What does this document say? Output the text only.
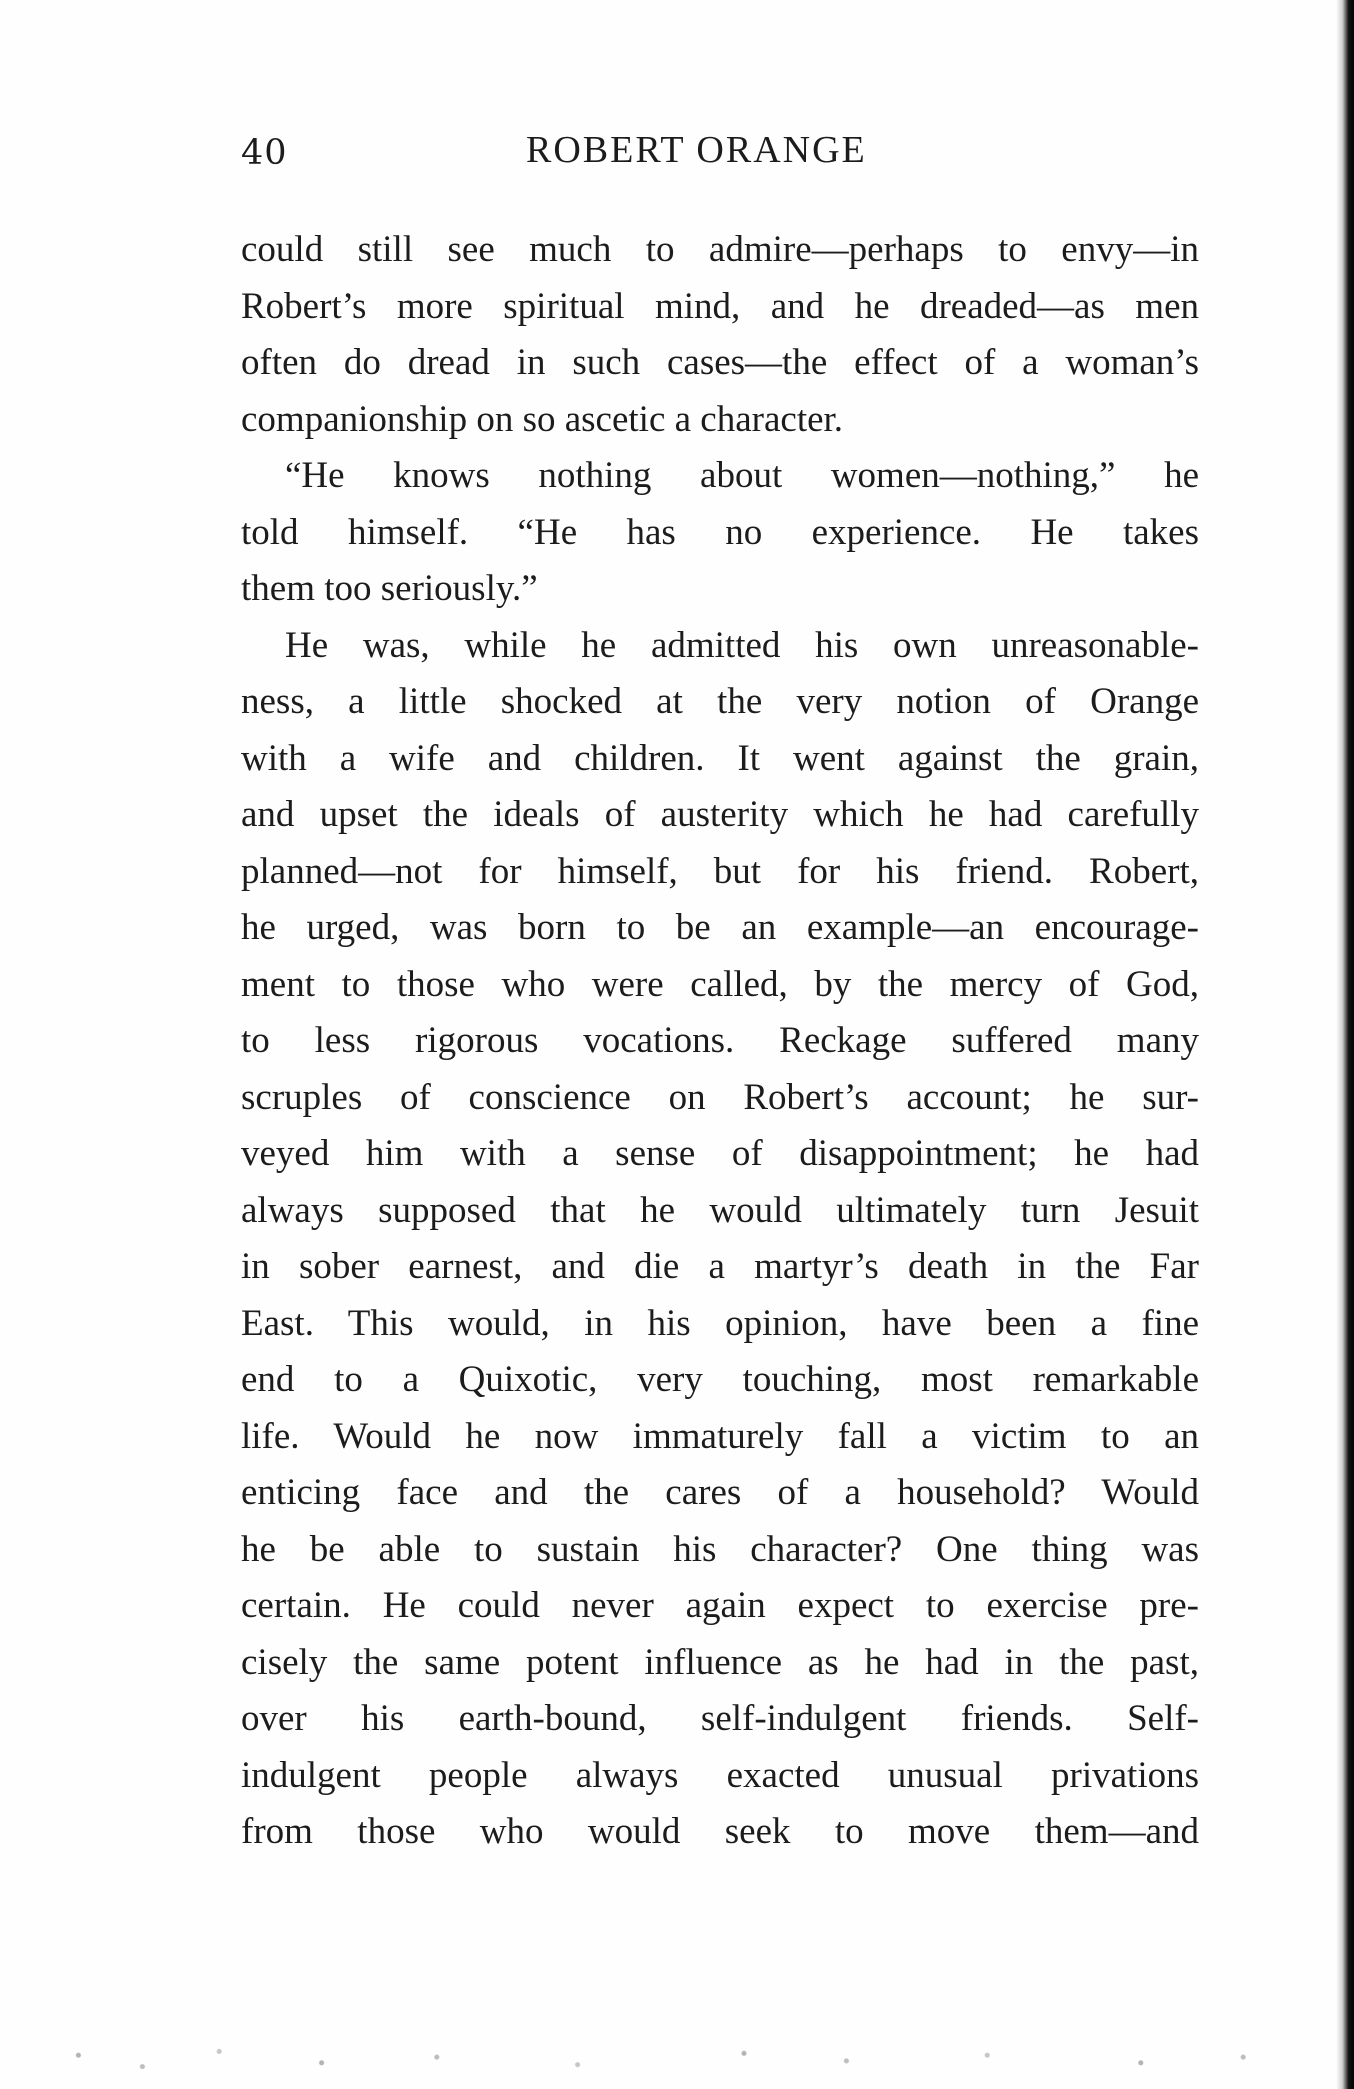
40	ROBERT ORANGE
could still see much to admire—perhaps to envy—in
Robert’s more spiritual mind, and he dreaded—as men
often do dread in such cases—the effect of a woman’s
companionship on so ascetic a character.
“He knows nothing about women—nothing,” he
told himself. “He has no experience. He takes
them too seriously.”
He was, while he admitted his own unreasonable-
ness, a little shocked at the very notion of Orange
with a wife and children. It went against the grain,
and upset the ideals of austerity which he had carefully
planned—not for himself, but for his friend. Robert,
he urged, was born to be an example—an encourage-
ment to those who were called, by the mercy of God,
to less rigorous vocations. Reckage suffered many
scruples of conscience on Robert’s account; he sur-
veyed him with a sense of disappointment; he had
always supposed that he would ultimately turn Jesuit
in sober earnest, and die a martyr’s death in the Far
East. This would, in his opinion, have been a fine
end to a Quixotic, very touching, most remarkable
life. Would he now immaturely fall a victim to an
enticing face and the cares of a household? Would
he be able to sustain his character? One thing was
certain. He could never again expect to exercise pre-
cisely the same potent influence as he had in the past,
over his earth-bound, self-indulgent friends. Self-
indulgent people always exacted unusual privations
from those who would seek to move them—and
